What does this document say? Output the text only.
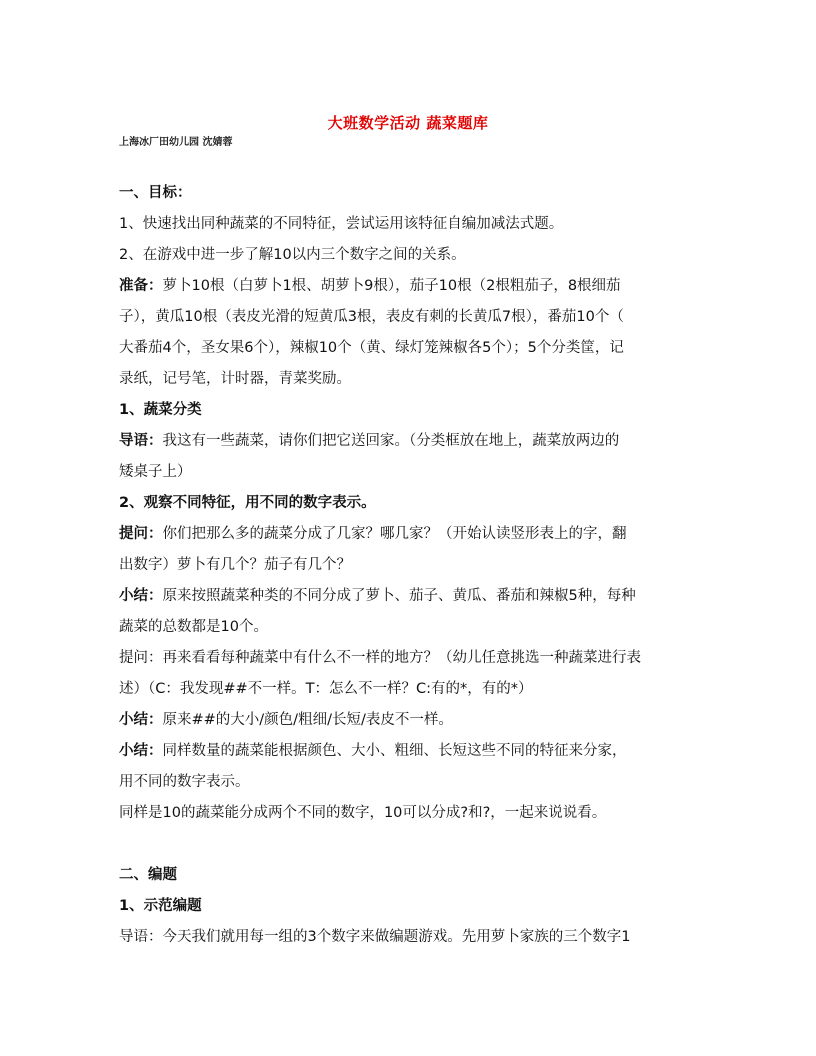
大班数学活动 蔬菜题库
上海冰厂田幼儿园 沈婧蓉
一、目标：
1、快速找出同种蔬菜的不同特征，尝试运用该特征自编加减法式题。
2、在游戏中进一步了解10以内三个数字之间的关系。
准备：萝卜10根（白萝卜1根、胡萝卜9根），茄子10根（2根粗茄子，8根细茄
子），黄瓜10根（表皮光滑的短黄瓜3根，表皮有刺的长黄瓜7根），番茄10个（
大番茄4个，圣女果6个），辣椒10个（黄、绿灯笼辣椒各5个）；5个分类筐，记
录纸，记号笔，计时器，青菜奖励。
1、蔬菜分类
导语：我这有一些蔬菜，请你们把它送回家。（分类框放在地上，蔬菜放两边的
矮桌子上）
2、观察不同特征，用不同的数字表示。
提问：你们把那么多的蔬菜分成了几家？哪几家？（开始认读竖形表上的字，翻
出数字）萝卜有几个？茄子有几个？
小结：原来按照蔬菜种类的不同分成了萝卜、茄子、黄瓜、番茄和辣椒5种，每种
蔬菜的总数都是10个。
提问：再来看看每种蔬菜中有什么不一样的地方？（幼儿任意挑选一种蔬菜进行表
述）（C：我发现##不一样。T：怎么不一样？C:有的*，有的*）
小结：原来##的大小/颜色/粗细/长短/表皮不一样。
小结：同样数量的蔬菜能根据颜色、大小、粗细、长短这些不同的特征来分家，
用不同的数字表示。
同样是10的蔬菜能分成两个不同的数字，10可以分成?和?，一起来说说看。
二、编题
1、示范编题
导语：今天我们就用每一组的3个数字来做编题游戏。先用萝卜家族的三个数字1
